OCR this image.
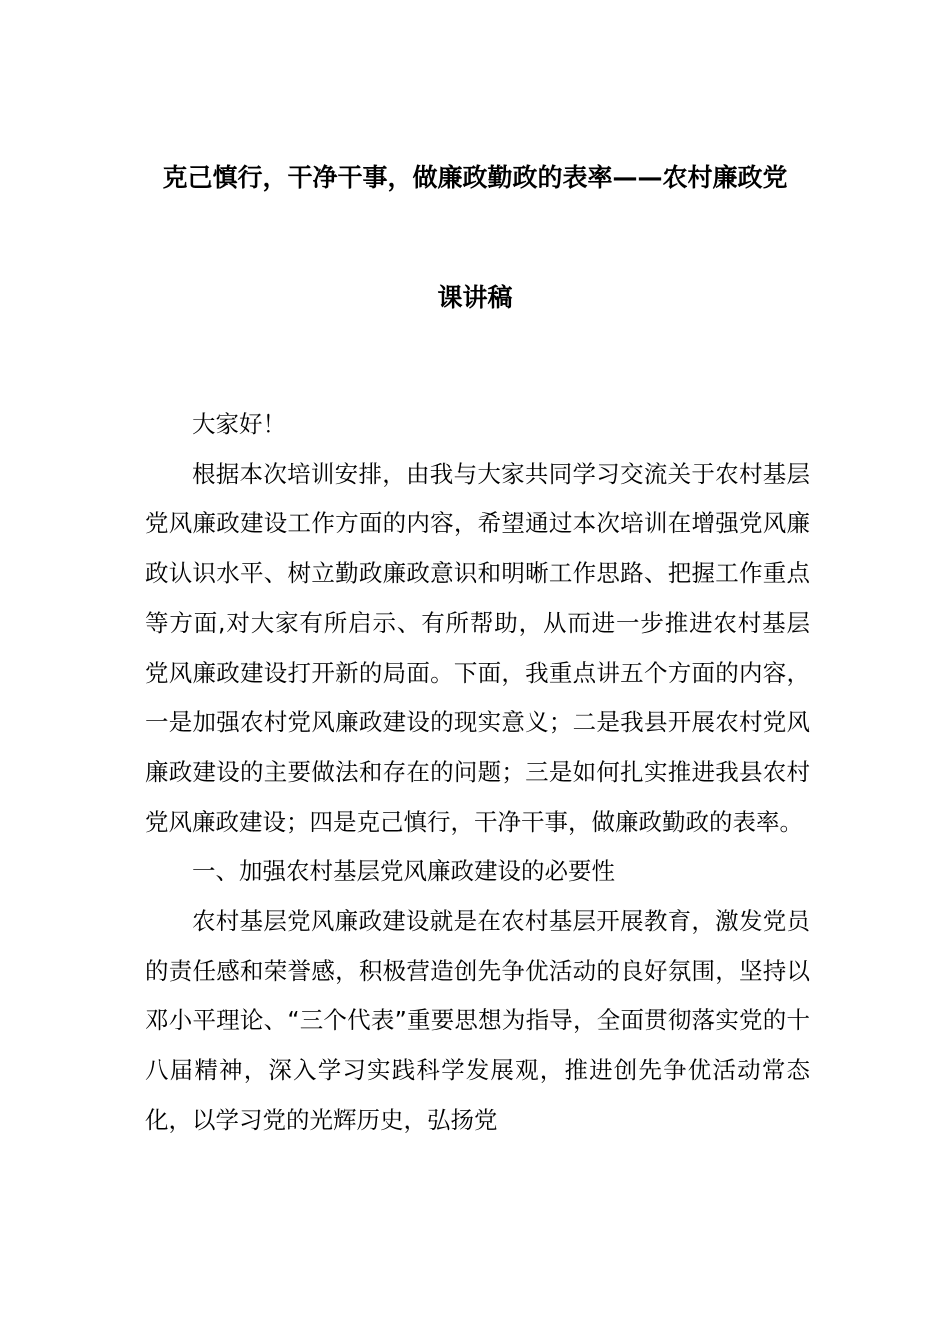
克己慎行，干净干事，做廉政勤政的表率——农村廉政党
课讲稿

大家好！

根据本次培训安排，由我与大家共同学习交流关于农村基层党风廉政建设工作方面的内容，希望通过本次培训在增强党风廉政认识水平、树立勤政廉政意识和明晰工作思路、把握工作重点等方面,对大家有所启示、有所帮助，从而进一步推进农村基层党风廉政建设打开新的局面。下面，我重点讲五个方面的内容，一是加强农村党风廉政建设的现实意义；二是我县开展农村党风廉政建设的主要做法和存在的问题；三是如何扎实推进我县农村党风廉政建设；四是克己慎行，干净干事，做廉政勤政的表率。

一、加强农村基层党风廉政建设的必要性

农村基层党风廉政建设就是在农村基层开展教育，激发党员的责任感和荣誉感，积极营造创先争优活动的良好氛围，坚持以邓小平理论、“三个代表”重要思想为指导，全面贯彻落实党的十八届精神，深入学习实践科学发展观，推进创先争优活动常态化，以学习党的光辉历史，弘扬党
